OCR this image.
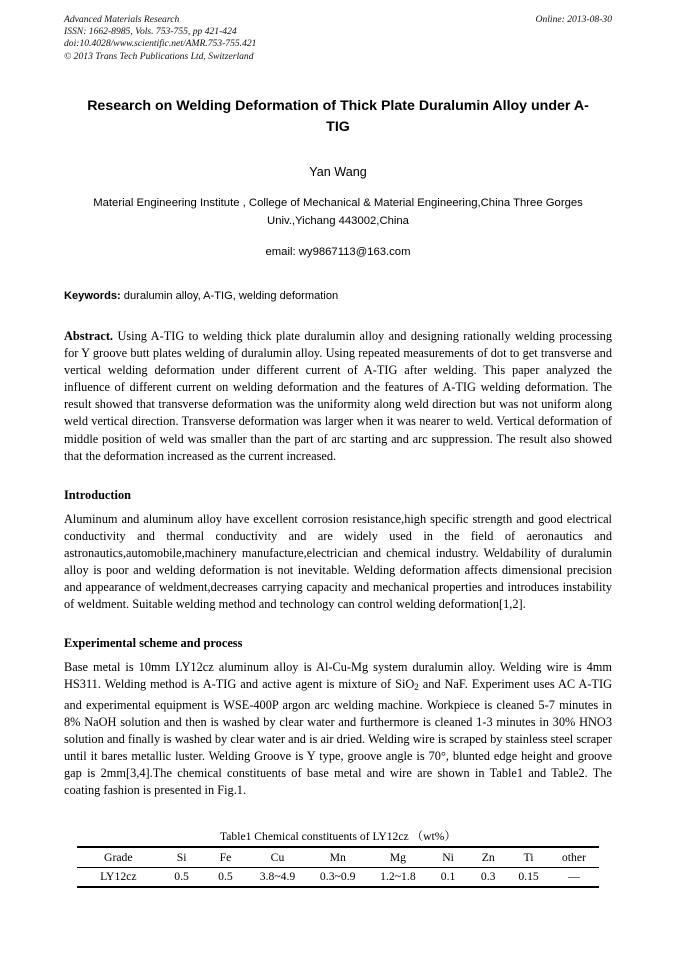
Advanced Materials Research
ISSN: 1662-8985, Vols. 753-755, pp 421-424
doi:10.4028/www.scientific.net/AMR.753-755.421
© 2013 Trans Tech Publications Ltd, Switzerland
Online: 2013-08-30
Research on Welding Deformation of Thick Plate Duralumin Alloy under A-TIG
Yan Wang
Material Engineering Institute , College of Mechanical & Material Engineering,China Three Gorges Univ.,Yichang 443002,China
email: wy9867113@163.com
Keywords: duralumin alloy, A-TIG, welding deformation
Abstract. Using A-TIG to welding thick plate duralumin alloy and designing rationally welding processing for Y groove butt plates welding of duralumin alloy. Using repeated measurements of dot to get transverse and vertical welding deformation under different current of A-TIG after welding. This paper analyzed the influence of different current on welding deformation and the features of A-TIG welding deformation. The result showed that transverse deformation was the uniformity along weld direction but was not uniform along weld vertical direction. Transverse deformation was larger when it was nearer to weld. Vertical deformation of middle position of weld was smaller than the part of arc starting and arc suppression. The result also showed that the deformation increased as the current increased.
Introduction
Aluminum and aluminum alloy have excellent corrosion resistance,high specific strength and good electrical conductivity and thermal conductivity and are widely used in the field of aeronautics and astronautics,automobile,machinery manufacture,electrician and chemical industry. Weldability of duralumin alloy is poor and welding deformation is not inevitable. Welding deformation affects dimensional precision and appearance of weldment,decreases carrying capacity and mechanical properties and introduces instability of weldment. Suitable welding method and technology can control welding deformation[1,2].
Experimental scheme and process
Base metal is 10mm LY12cz aluminum alloy is Al-Cu-Mg system duralumin alloy. Welding wire is 4mm HS311. Welding method is A-TIG and active agent is mixture of SiO$_2$ and NaF. Experiment uses AC A-TIG and experimental equipment is WSE-400P argon arc welding machine. Workpiece is cleaned 5-7 minutes in 8% NaOH solution and then is washed by clear water and furthermore is cleaned 1-3 minutes in 30% HNO3 solution and finally is washed by clear water and is air dried. Welding wire is scraped by stainless steel scraper until it bares metallic luster. Welding Groove is Y type, groove angle is 70°, blunted edge height and groove gap is 2mm[3,4].The chemical constituents of base metal and wire are shown in Table1 and Table2. The coating fashion is presented in Fig.1.
Table1 Chemical constituents of LY12cz （wt%）
Grade	Si	Fe	Cu	Mn	Mg	Ni	Zn	Ti	other
LY12cz	0.5	0.5	3.8~4.9	0.3~0.9	1.2~1.8	0.1	0.3	0.15	—
